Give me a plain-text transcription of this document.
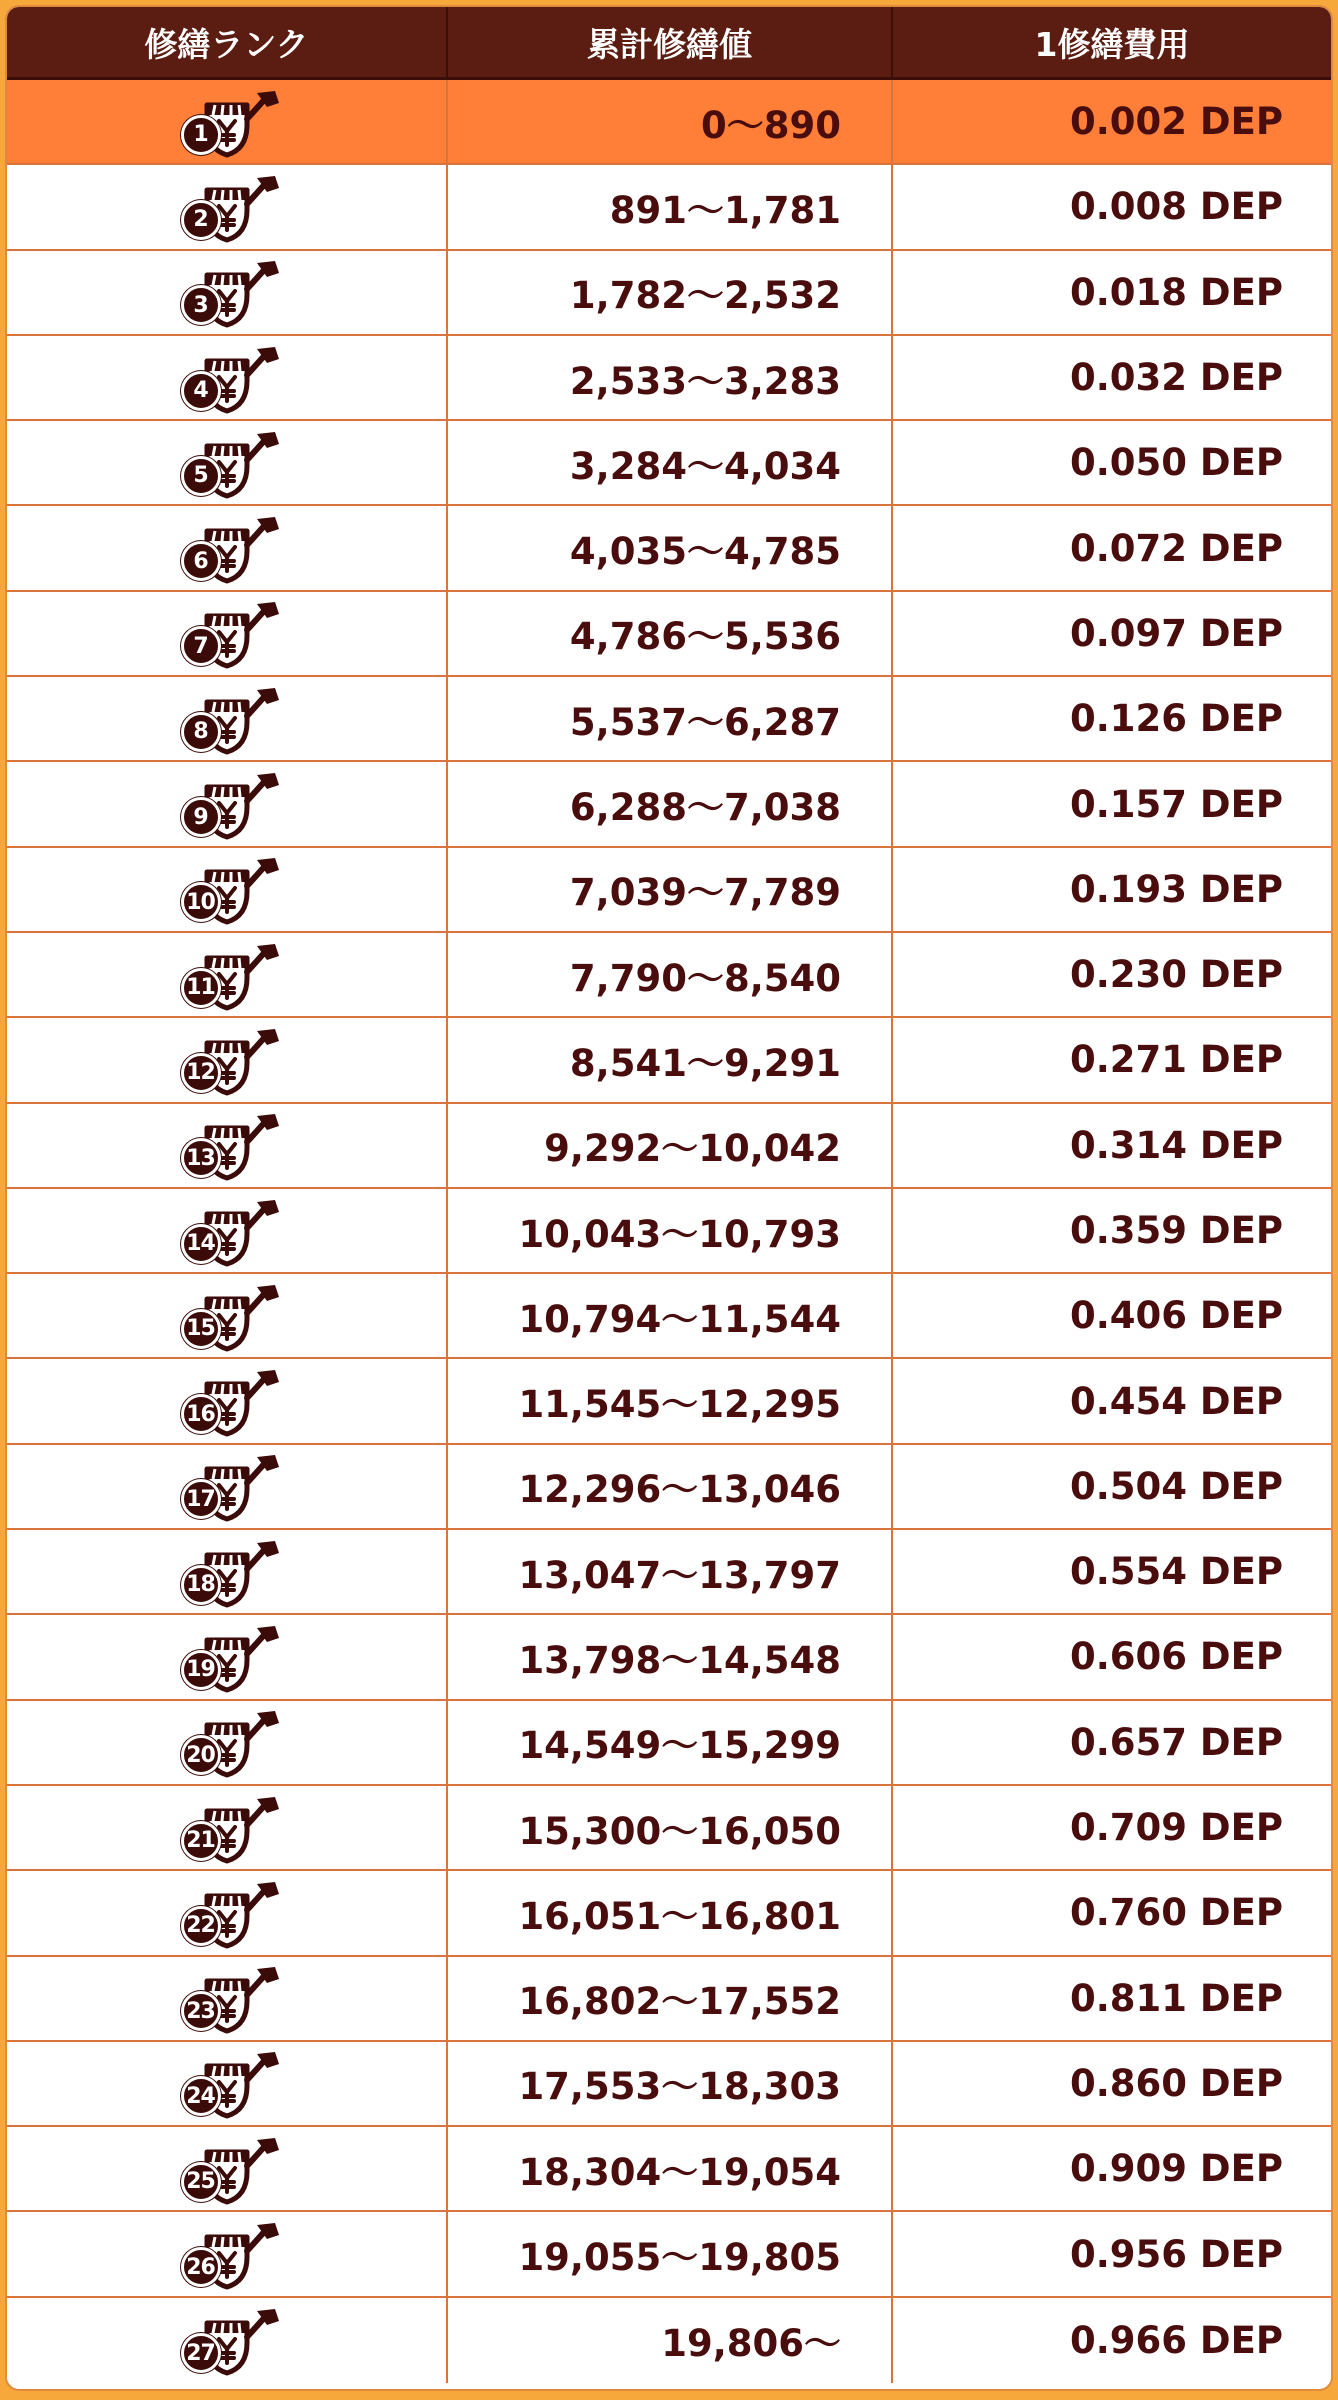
修繕ランク	累計修繕値	1修繕費用
1	0～890	0.002 DEP
2	891～1,781	0.008 DEP
3	1,782～2,532	0.018 DEP
4	2,533～3,283	0.032 DEP
5	3,284～4,034	0.050 DEP
6	4,035～4,785	0.072 DEP
7	4,786～5,536	0.097 DEP
8	5,537～6,287	0.126 DEP
9	6,288～7,038	0.157 DEP
10	7,039～7,789	0.193 DEP
11	7,790～8,540	0.230 DEP
12	8,541～9,291	0.271 DEP
13	9,292～10,042	0.314 DEP
14	10,043～10,793	0.359 DEP
15	10,794～11,544	0.406 DEP
16	11,545～12,295	0.454 DEP
17	12,296～13,046	0.504 DEP
18	13,047～13,797	0.554 DEP
19	13,798～14,548	0.606 DEP
20	14,549～15,299	0.657 DEP
21	15,300～16,050	0.709 DEP
22	16,051～16,801	0.760 DEP
23	16,802～17,552	0.811 DEP
24	17,553～18,303	0.860 DEP
25	18,304～19,054	0.909 DEP
26	19,055～19,805	0.956 DEP
27	19,806～	0.966 DEP
